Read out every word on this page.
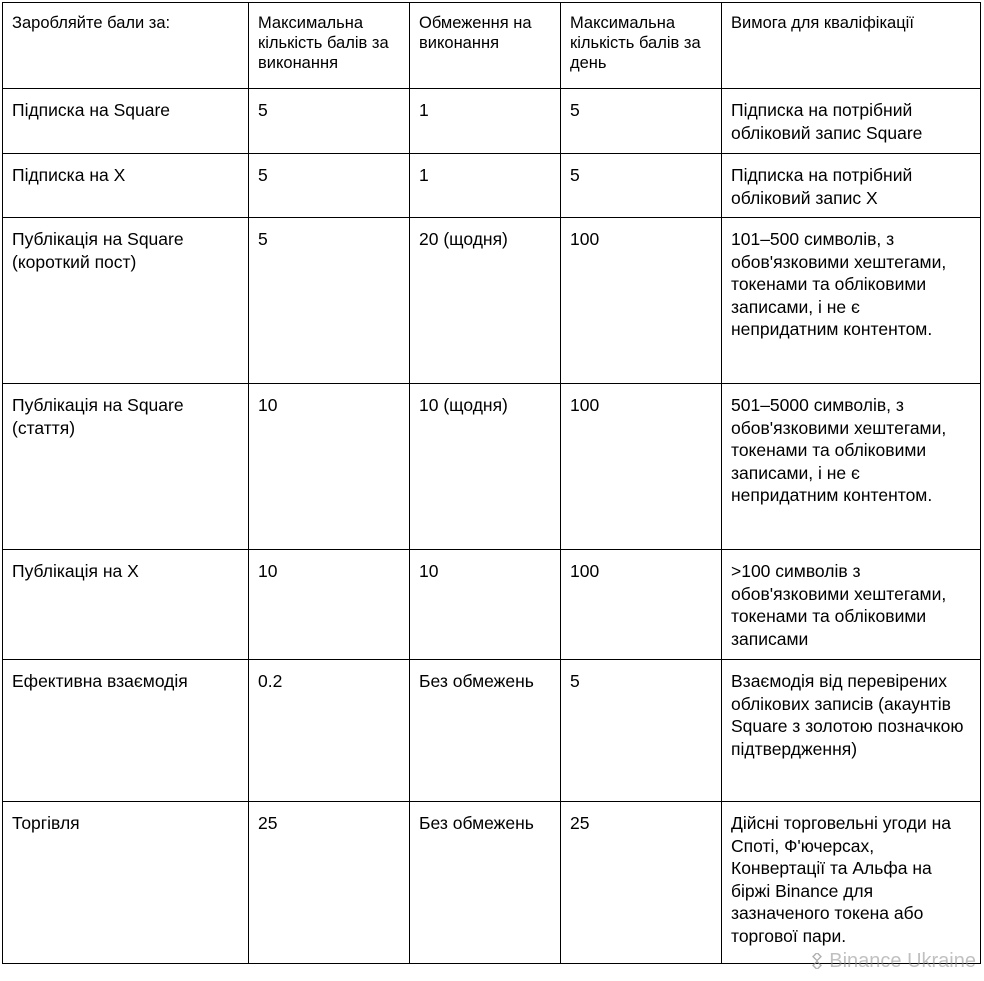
Заробляйте бали за:	Максимальна кількість балів за виконання	Обмеження на виконання	Максимальна кількість балів за день	Вимога для кваліфікації
Підписка на Square	5	1	5	Підписка на потрібний обліковий запис Square
Підписка на X	5	1	5	Підписка на потрібний обліковий запис X
Публікація на Square (короткий пост)	5	20 (щодня)	100	101–500 символів, з обов'язковими хештегами, токенами та обліковими записами, і не є непридатним контентом.
Публікація на Square (стаття)	10	10 (щодня)	100	501–5000 символів, з обов'язковими хештегами, токенами та обліковими записами, і не є непридатним контентом.
Публікація на X	10	10	100	>100 символів з обов'язковими хештегами, токенами та обліковими записами
Ефективна взаємодія	0.2	Без обмежень	5	Взаємодія від перевірених облікових записів (акаунтів Square з золотою позначкою підтвердження)
Торгівля	25	Без обмежень	25	Дійсні торговельні угоди на Споті, Ф'ючерсах, Конвертації та Альфа на біржі Binance для зазначеного токена або торгової пари.
Binance Ukraine
